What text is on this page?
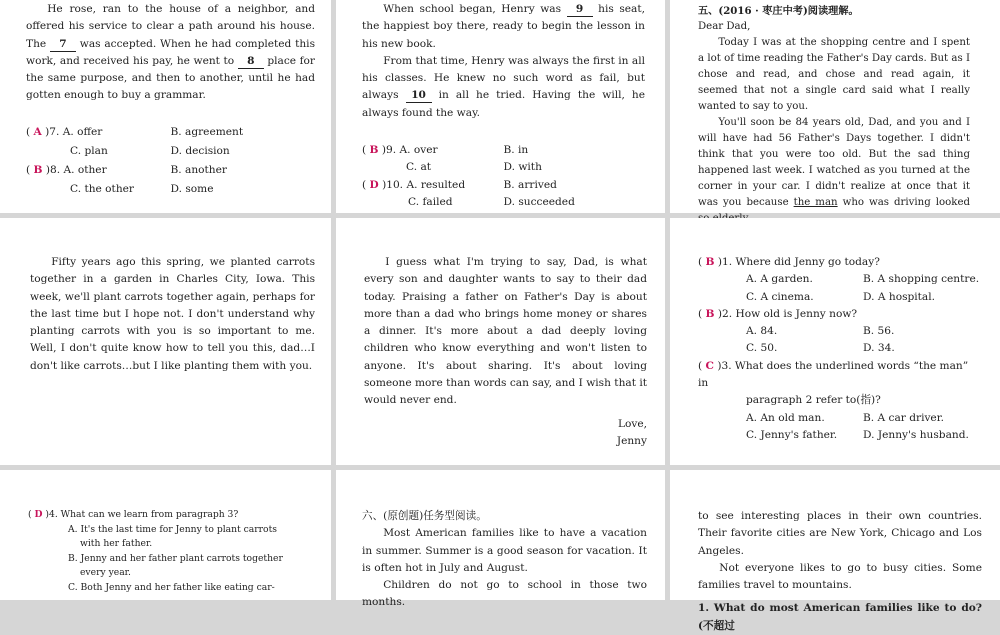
He rose, ran to the house of a neighbor, and offered his service to clear a path around his house. The 7 was accepted. When he had completed this work, and received his pay, he went to 8 place for the same purpose, and then to another, until he had gotten enough to buy a grammar.

( A )7. A. offer	B. agreement
C. plan	D. decision
( B )8. A. other	B. another
C. the other	D. some

When school began, Henry was 9 his seat, the happiest boy there, ready to begin the lesson in his new book.

From that time, Henry was always the first in all his classes. He knew no such word as fail, but always 10 in all he tried. Having the will, he always found the way.

( B )9. A. over	B. in
C. at	D. with
( D )10. A. resulted	B. arrived
C. failed	D. succeeded

五、(2016 · 枣庄中考)阅读理解。

Dear Dad,

Today I was at the shopping centre and I spent a lot of time reading the Father's Day cards. But as I chose and read, and chose and read again, it seemed that not a single card said what I really wanted to say to you.

You'll soon be 84 years old, Dad, and you and I will have had 56 Father's Days together. I didn't think that you were too old. But the sad thing happened last week. I watched as you turned at the corner in your car. I didn't realize at once that it was you because the man who was driving looked

Fifty years ago this spring, we planted carrots together in a garden in Charles City, Iowa. This week, we'll plant carrots together again, perhaps for the last time but I hope not. I don't understand why planting carrots with you is so important to me. Well, I don't quite know how to tell you this, dad…I don't like carrots…but I like planting them with you.

I guess what I'm trying to say, Dad, is what every son and daughter wants to say to their dad today. Praising a father on Father's Day is about more than a dad who brings home money or shares a dinner. It's more about a dad deeply loving children who know everything and won't listen to anyone. It's about sharing. It's about loving someone more than words can say, and I wish that it would never end.

Love,

Jenny

( B )1. Where did Jenny go today?
A. A garden.	B. A shopping centre.
C. A cinema.	D. A hospital.
( B )2. How old is Jenny now?
A. 84.	B. 56.
C. 50.	D. 34.
( C )3. What does the underlined words “the man” in
paragraph 2 refer to(指)?
A. An old man.	B. A car driver.
C. Jenny's father.	D. Jenny's husband.
( D )4. What can we learn from paragraph 3?
A. It's the last time for Jenny to plant carrots
with her father.
B. Jenny and her father plant carrots together
every year.
C. Both Jenny and her father like eating car-

六、(原创题)任务型阅读。

Most American families like to have a vacation in summer. Summer is a good season for vacation. It is often hot in July and August.

Children do not go to school in those two months.

to see interesting places in their own countries. Their favorite cities are New York, Chicago and Los Angeles.

Not everyone likes to go to busy cities. Some families travel to mountains.

1. What do most American families like to do? (不超过
